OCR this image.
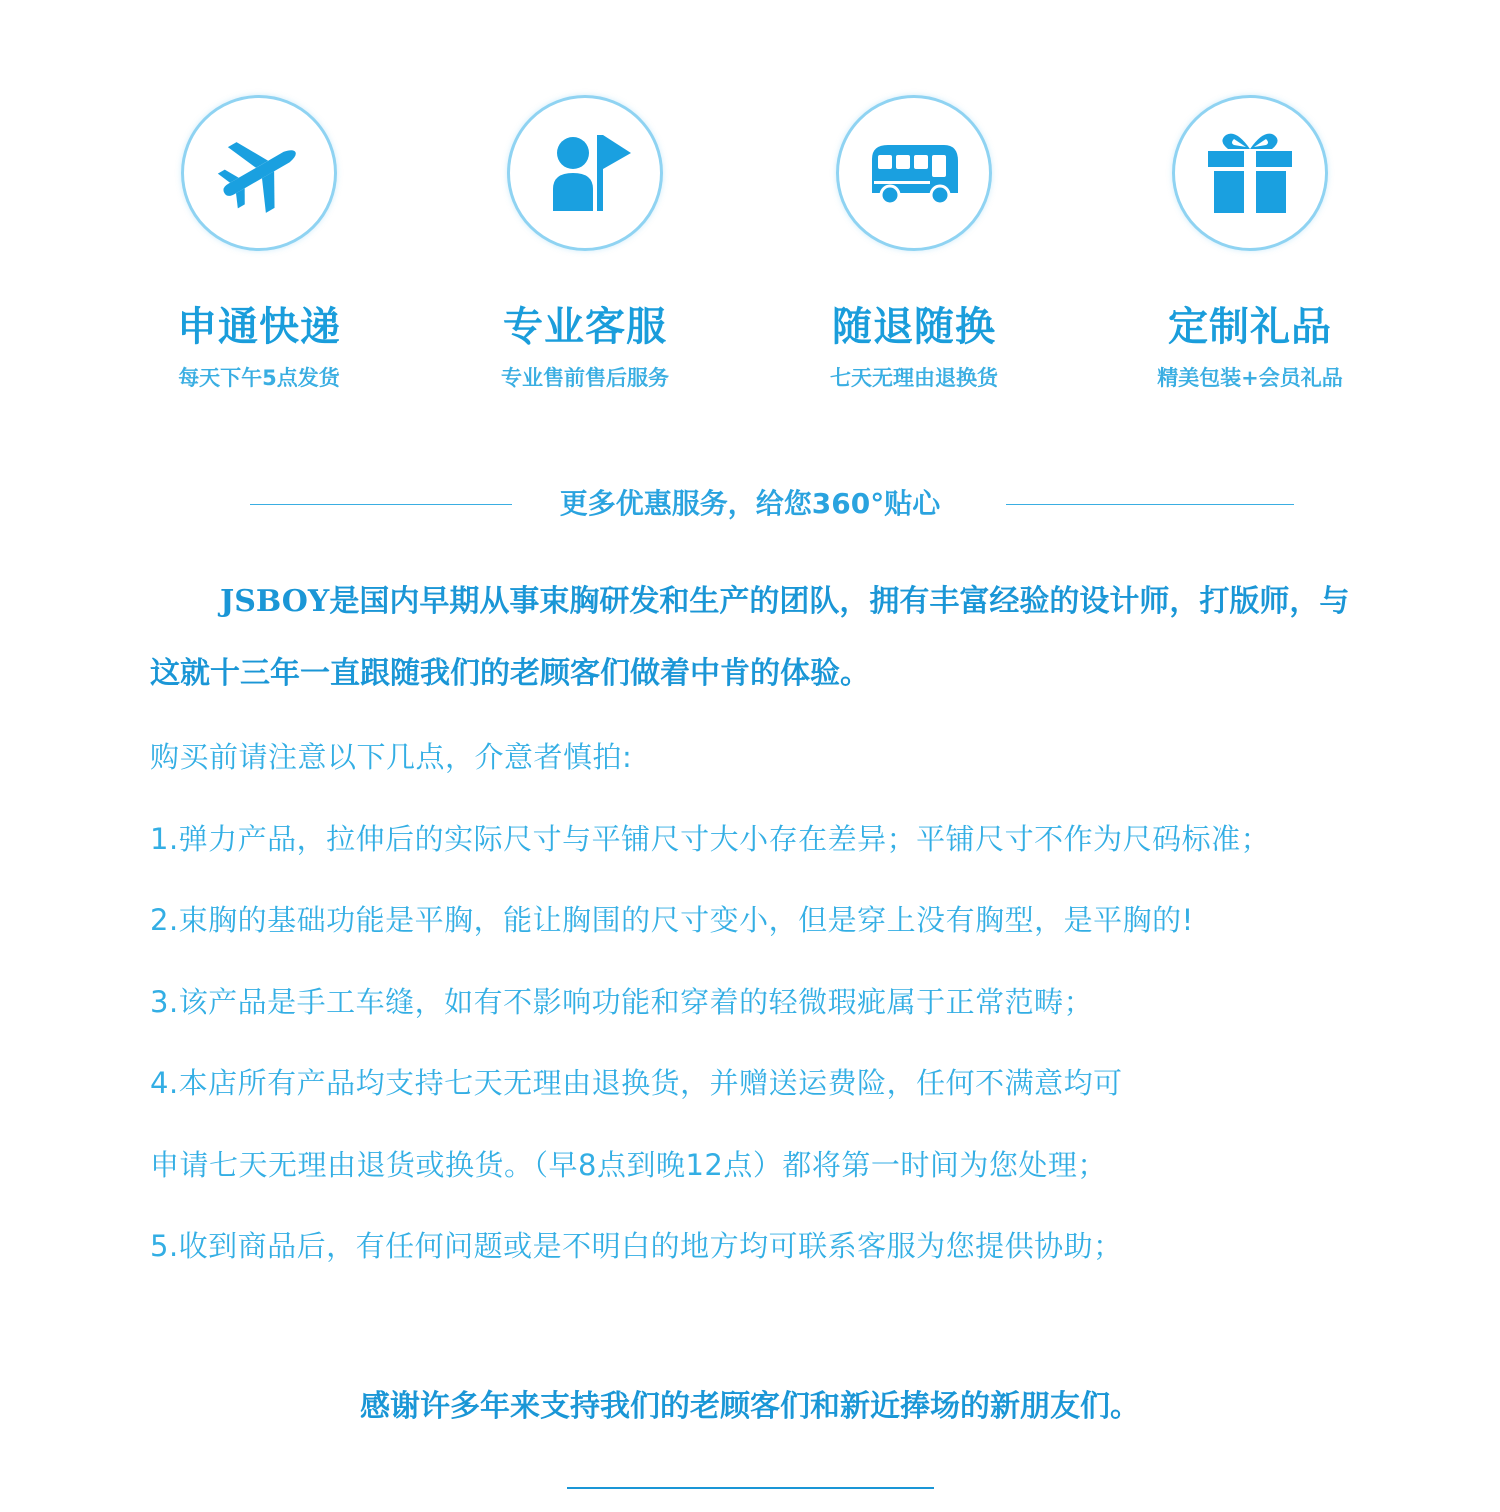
申通快递
每天下午5点发货
专业客服
专业售前售后服务
随退随换
七天无理由退换货
定制礼品
精美包装+会员礼品
更多优惠服务，给您360°贴心

JSBOY是国内早期从事束胸研发和生产的团队，拥有丰富经验的设计师，打版师，与这就十三年一直跟随我们的老顾客们做着中肯的体验。

购买前请注意以下几点，介意者慎拍:
1.弹力产品，拉伸后的实际尺寸与平铺尺寸大小存在差异；平铺尺寸不作为尺码标准；
2.束胸的基础功能是平胸，能让胸围的尺寸变小，但是穿上没有胸型，是平胸的!
3.该产品是手工车缝，如有不影响功能和穿着的轻微瑕疵属于正常范畴；
4.本店所有产品均支持七天无理由退换货，并赠送运费险，任何不满意均可
申请七天无理由退货或换货。（早8点到晚12点）都将第一时间为您处理；
5.收到商品后，有任何问题或是不明白的地方均可联系客服为您提供协助；
感谢许多年来支持我们的老顾客们和新近捧场的新朋友们。
